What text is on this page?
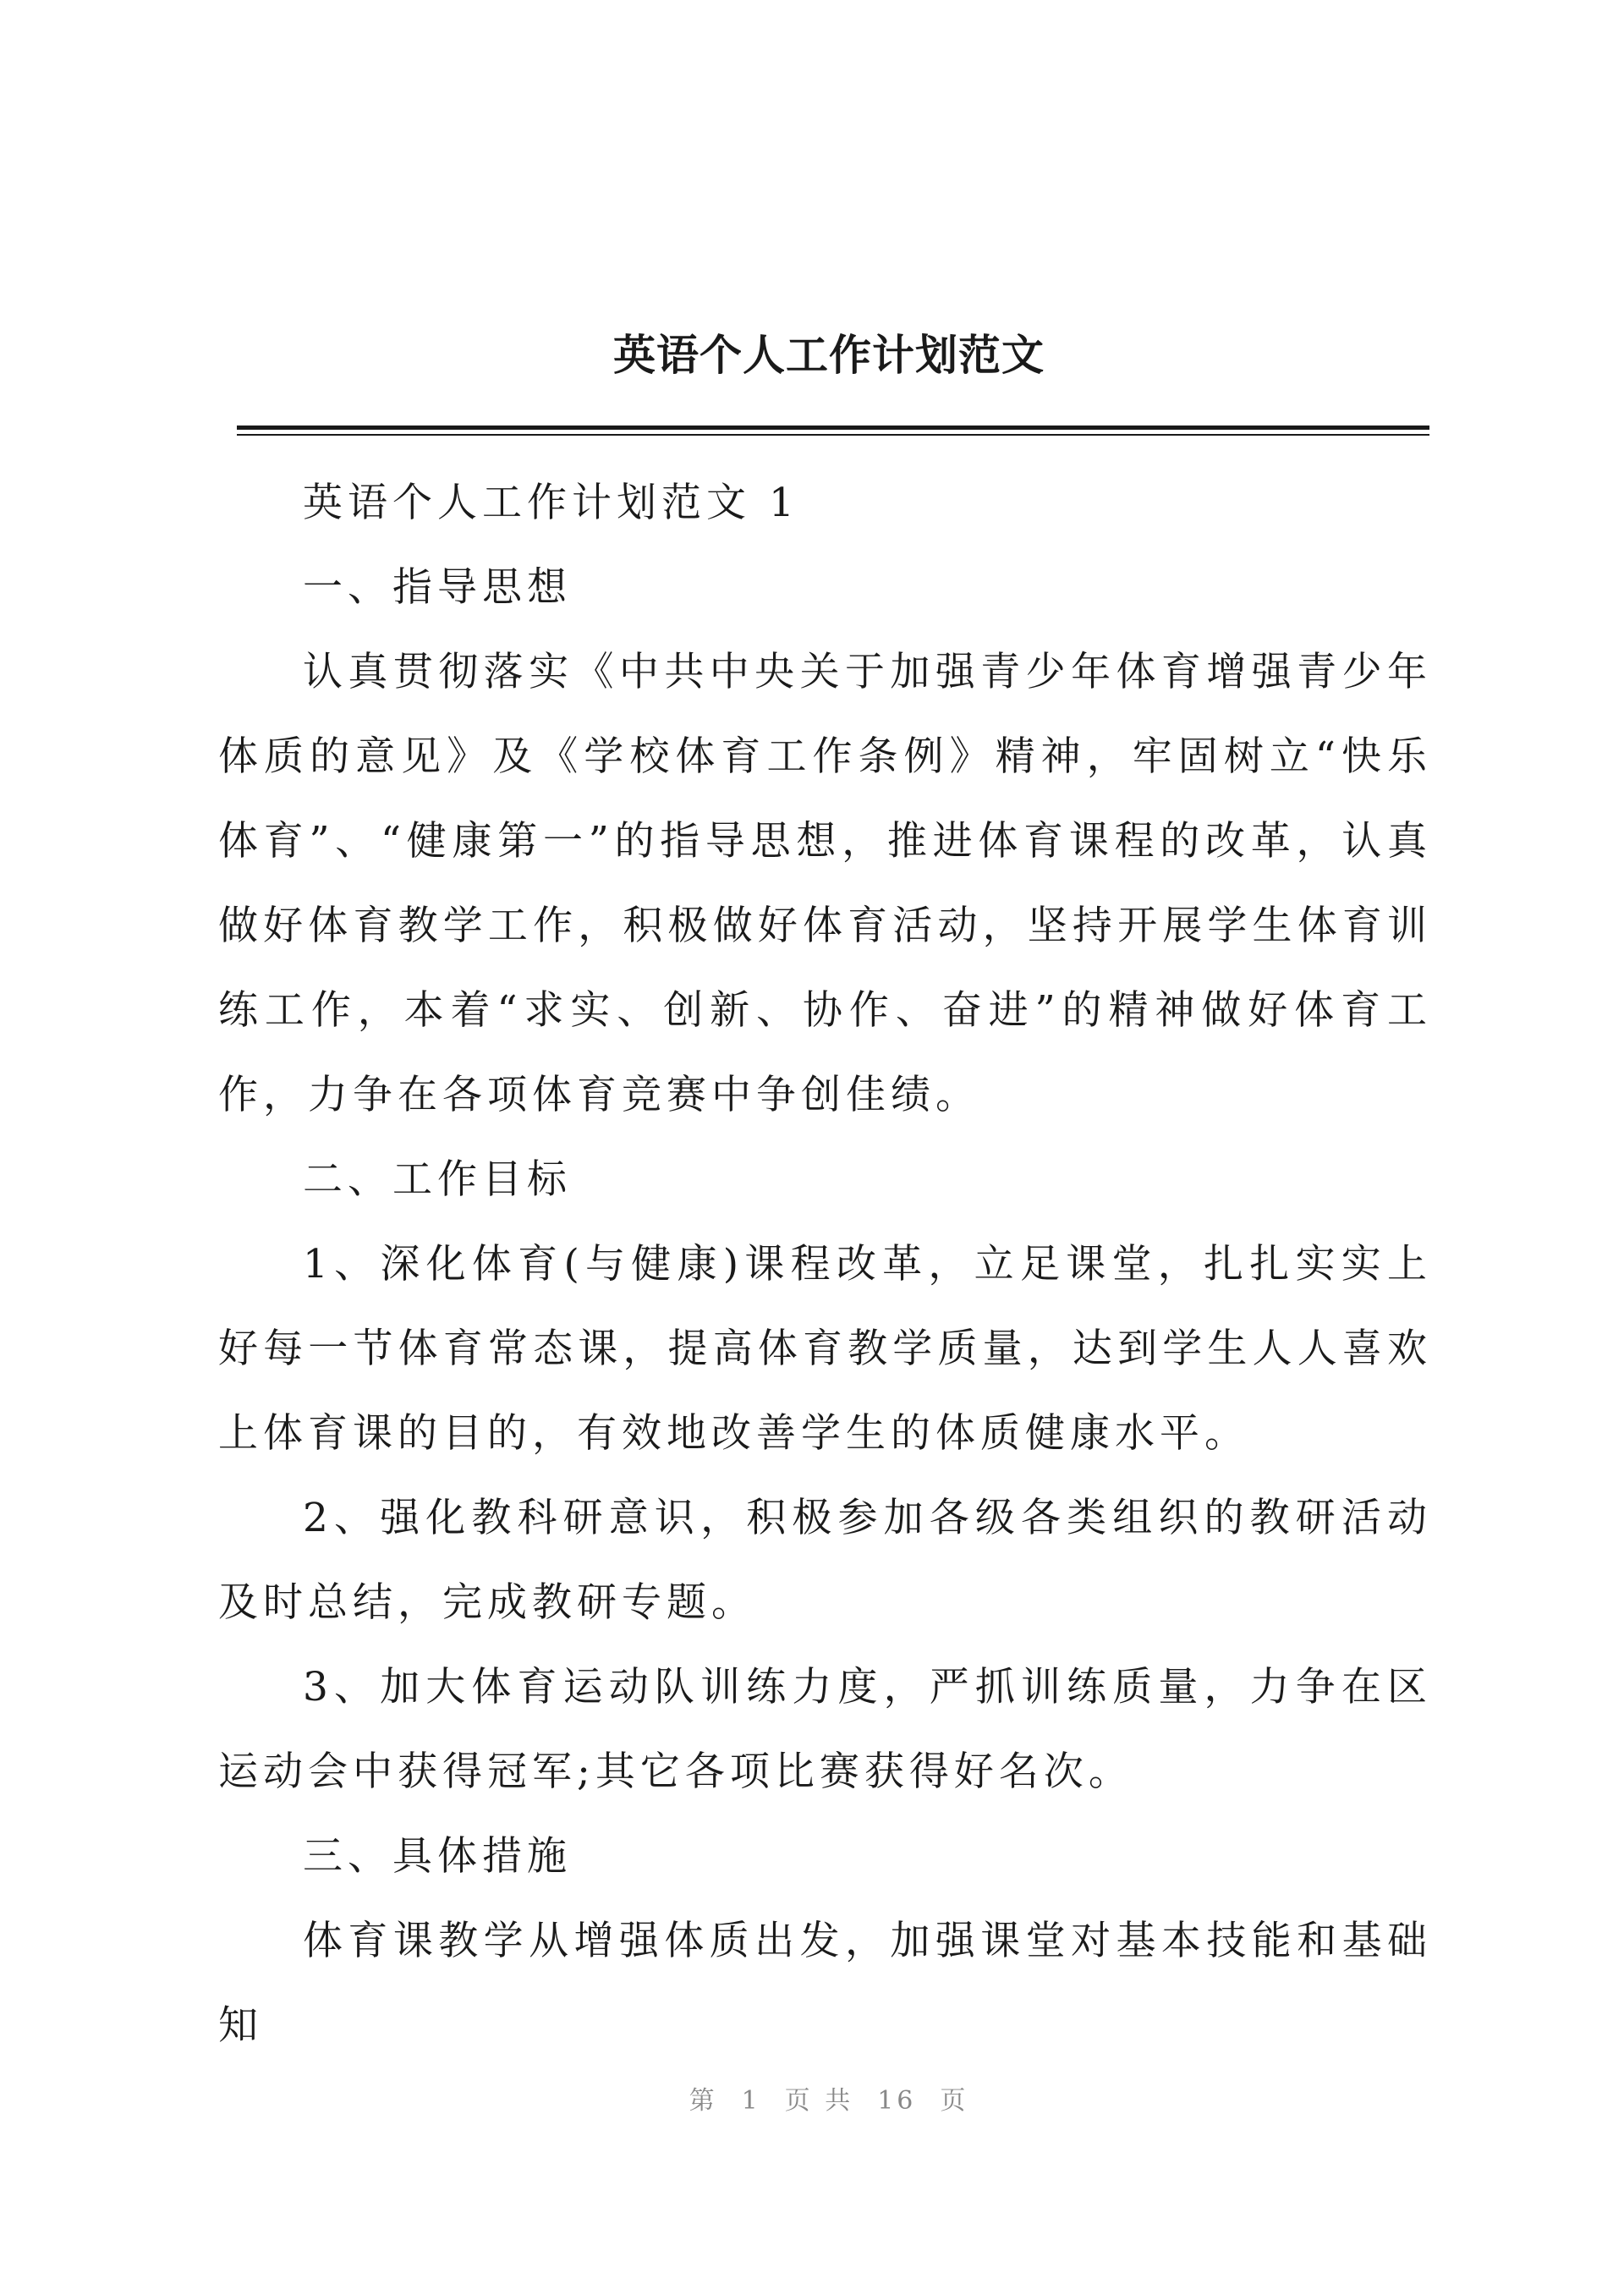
英语个人工作计划范文

英语个人工作计划范文 1

一、指导思想

认真贯彻落实《中共中央关于加强青少年体育增强青少年体质的意见》及《学校体育工作条例》精神，牢固树立“快乐体育”、“健康第一”的指导思想，推进体育课程的改革，认真做好体育教学工作，积极做好体育活动，坚持开展学生体育训练工作，本着“求实、创新、协作、奋进”的精神做好体育工作，力争在各项体育竞赛中争创佳绩。

二、工作目标

1、深化体育(与健康)课程改革，立足课堂，扎扎实实上好每一节体育常态课，提高体育教学质量，达到学生人人喜欢上体育课的目的，有效地改善学生的体质健康水平。

2、强化教科研意识，积极参加各级各类组织的教研活动及时总结，完成教研专题。

3、加大体育运动队训练力度，严抓训练质量，力争在区运动会中获得冠军;其它各项比赛获得好名次。

三、具体措施

体育课教学从增强体质出发，加强课堂对基本技能和基础知

第 1 页 共 16 页
